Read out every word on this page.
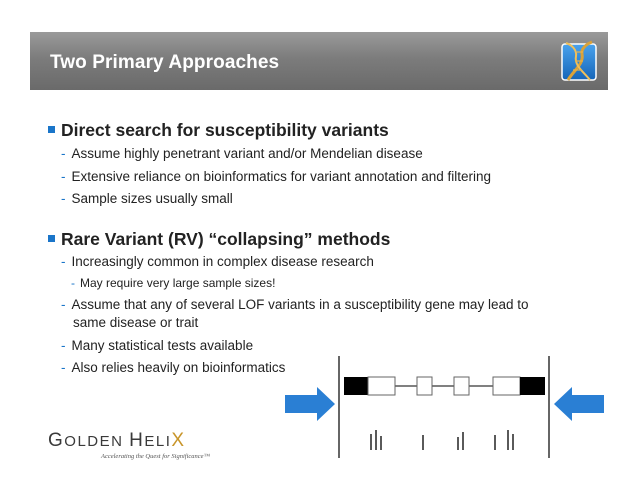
Two Primary Approaches
Direct search for susceptibility variants
- Assume highly penetrant variant and/or Mendelian disease
- Extensive reliance on bioinformatics for variant annotation and filtering
- Sample sizes usually small
Rare Variant (RV) “collapsing” methods
- Increasingly common in complex disease research
- May require very large sample sizes!
- Assume that any of several LOF variants in a susceptibility gene may lead to
same disease or trait
- Many statistical tests available
- Also relies heavily on bioinformatics
GOLDEN HELIX
Accelerating the Quest for Significance™
